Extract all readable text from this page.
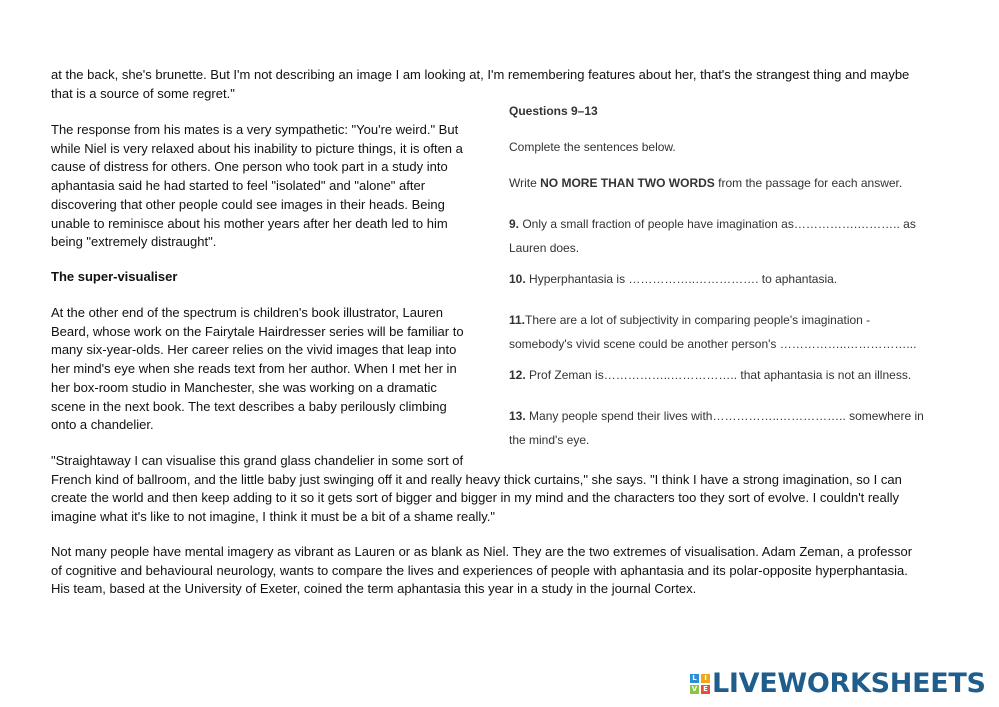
at the back, she's brunette. But I'm not describing an image I am looking at, I'm remembering features about her, that's the strangest thing and maybe
that is a source of some regret."
The response from his mates is a very sympathetic: "You're weird." But
while Niel is very relaxed about his inability to picture things, it is often a
cause of distress for others. One person who took part in a study into
aphantasia said he had started to feel "isolated" and "alone" after
discovering that other people could see images in their heads. Being
unable to reminisce about his mother years after her death led to him
being "extremely distraught".
The super-visualiser
At the other end of the spectrum is children's book illustrator, Lauren
Beard, whose work on the Fairytale Hairdresser series will be familiar to
many six-year-olds. Her career relies on the vivid images that leap into
her mind's eye when she reads text from her author. When I met her in
her box-room studio in Manchester, she was working on a dramatic
scene in the next book. The text describes a baby perilously climbing
onto a chandelier.
"Straightaway I can visualise this grand glass chandelier in some sort of
French kind of ballroom, and the little baby just swinging off it and really heavy thick curtains," she says. "I think I have a strong imagination, so I can
create the world and then keep adding to it so it gets sort of bigger and bigger in my mind and the characters too they sort of evolve. I couldn't really
imagine what it's like to not imagine, I think it must be a bit of a shame really."
Not many people have mental imagery as vibrant as Lauren or as blank as Niel. They are the two extremes of visualisation. Adam Zeman, a professor
of cognitive and behavioural neurology, wants to compare the lives and experiences of people with aphantasia and its polar-opposite hyperphantasia.
His team, based at the University of Exeter, coined the term aphantasia this year in a study in the journal Cortex.
Questions 9–13
Complete the sentences below.
Write NO MORE THAN TWO WORDS from the passage for each answer.
9. Only a small fraction of people have imagination as…………….……….. as
Lauren does.
10. Hyperphantasia is ……………..……………. to aphantasia.
11.There are a lot of subjectivity in comparing people's imagination -
somebody's vivid scene could be another person's ……………..……………...
12. Prof Zeman is……………..…………….. that aphantasia is not an illness.
13. Many people spend their lives with……………..…………….. somewhere in
the mind's eye.
L	I
V E LIVEWORKSHEETS
